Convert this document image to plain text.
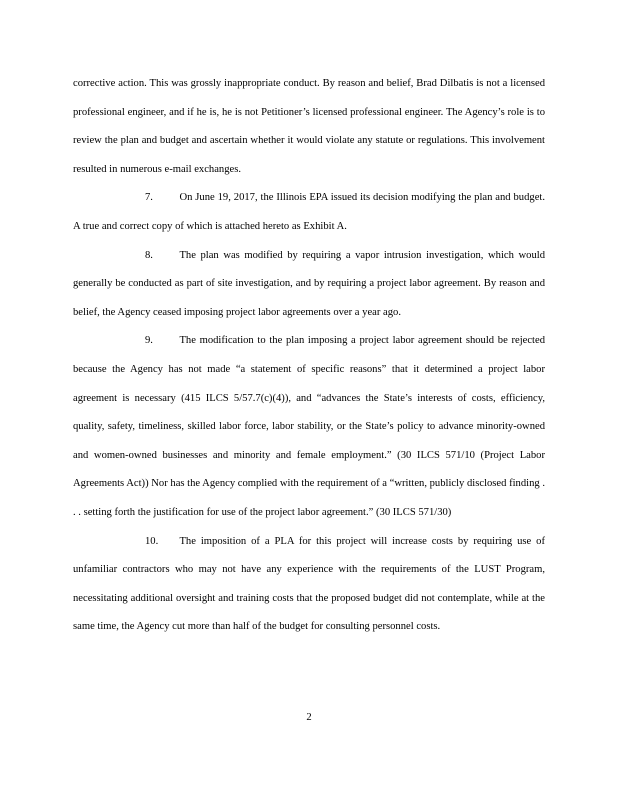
corrective action. This was grossly inappropriate conduct. By reason and belief, Brad Dilbatis is not a licensed professional engineer, and if he is, he is not Petitioner’s licensed professional engineer. The Agency’s role is to review the plan and budget and ascertain whether it would violate any statute or regulations. This involvement resulted in numerous e-mail exchanges.

7.    On June 19, 2017, the Illinois EPA issued its decision modifying the plan and budget. A true and correct copy of which is attached hereto as Exhibit A.

8.    The plan was modified by requiring a vapor intrusion investigation, which would generally be conducted as part of site investigation, and by requiring a project labor agreement. By reason and belief, the Agency ceased imposing project labor agreements over a year ago.

9.    The modification to the plan imposing a project labor agreement should be rejected because the Agency has not made “a statement of specific reasons” that it determined a project labor agreement is necessary (415 ILCS 5/57.7(c)(4)), and “advances the State’s interests of costs, efficiency, quality, safety, timeliness, skilled labor force, labor stability, or the State’s policy to advance minority-owned and women-owned businesses and minority and female employment.” (30 ILCS 571/10 (Project Labor Agreements Act)) Nor has the Agency complied with the requirement of a “written, publicly disclosed finding . . . setting forth the justification for use of the project labor agreement.” (30 ILCS 571/30)

10.   The imposition of a PLA for this project will increase costs by requiring use of unfamiliar contractors who may not have any experience with the requirements of the LUST Program, necessitating additional oversight and training costs that the proposed budget did not contemplate, while at the same time, the Agency cut more than half of the budget for consulting personnel costs.

2
